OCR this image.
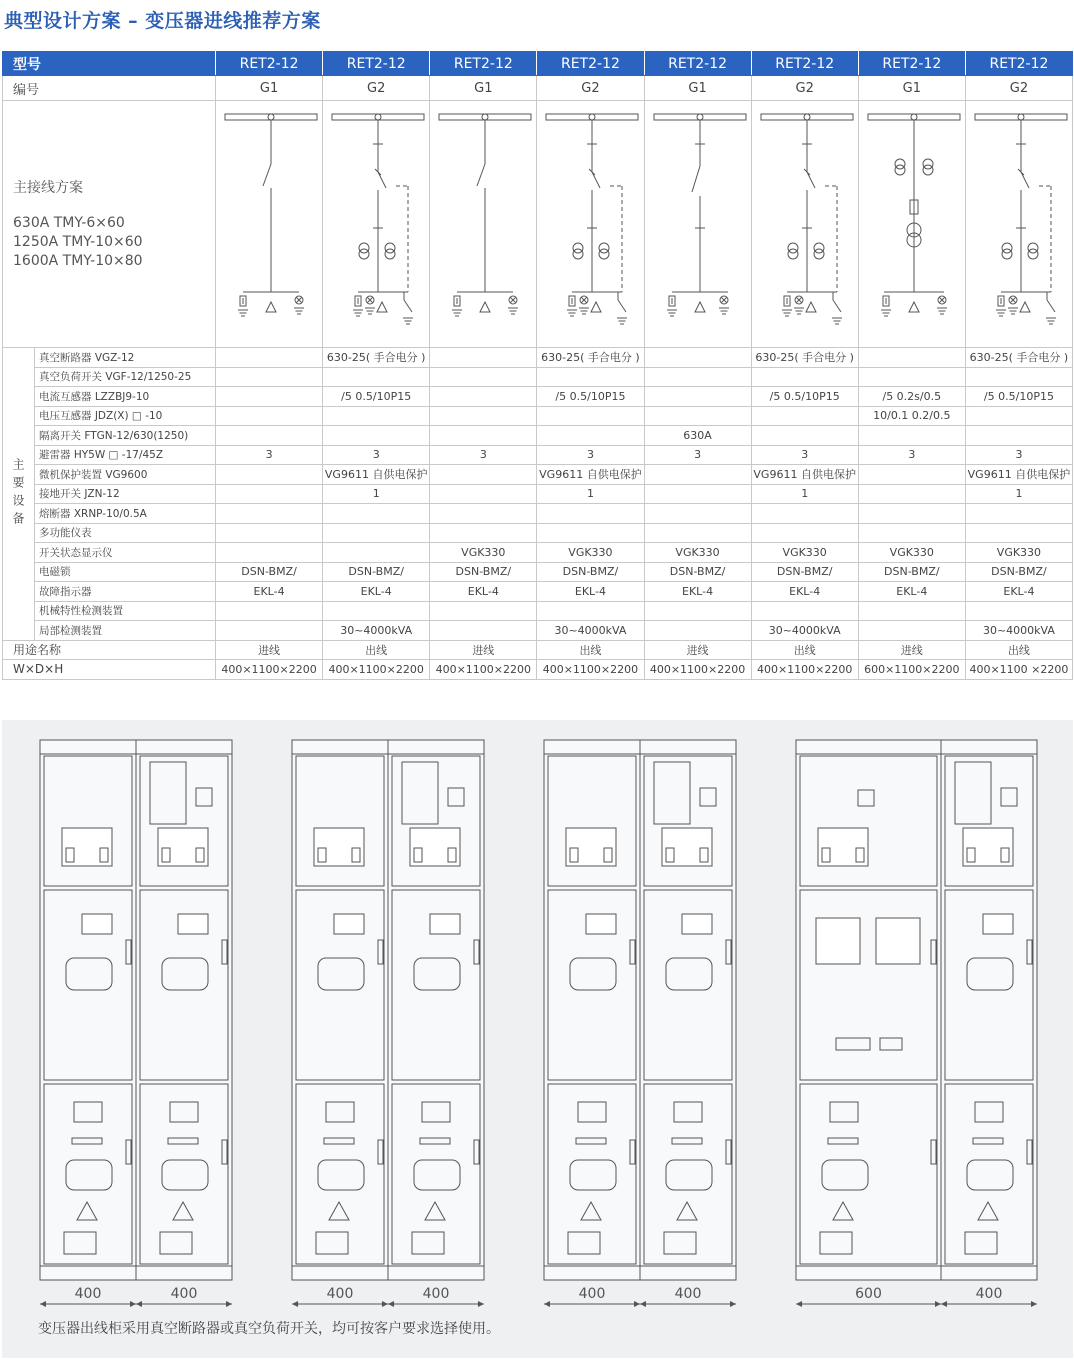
典型设计方案 – 变压器进线推荐方案
型号		RET2-12	RET2-12	RET2-12	RET2-12	RET2-12	RET2-12	RET2-12	RET2-12
编号		G1	G2	G1	G2	G1	G2	G1	G2

主接线方案
630A TMY-6×60
1250A TMY-10×60
1600A TMY-10×80

主要设备	真空断路器 VGZ-12		630-25( 手合电分 )		630-25( 手合电分 )		630-25( 手合电分 )		630-25( 手合电分 )
	真空负荷开关 VGF-12/1250-25								
	电流互感器 LZZBJ9-10		/5 0.5/10P15		/5 0.5/10P15		/5 0.5/10P15	/5 0.2s/0.5	/5 0.5/10P15
	电压互感器 JDZ(X) □ -10							10/0.1 0.2/0.5	
	隔离开关 FTGN-12/630(1250)					630A			
	避雷器 HY5W □ -17/45Z	3	3	3	3	3	3	3	3
	微机保护装置 VG9600		VG9611 自供电保护		VG9611 自供电保护		VG9611 自供电保护		VG9611 自供电保护
	接地开关 JZN-12		1		1		1		1
	熔断器 XRNP-10/0.5A								
	多功能仪表								
	开关状态显示仪			VGK330	VGK330	VGK330	VGK330	VGK330	VGK330
	电磁锁	DSN-BMZ/	DSN-BMZ/	DSN-BMZ/	DSN-BMZ/	DSN-BMZ/	DSN-BMZ/	DSN-BMZ/	DSN-BMZ/
	故障指示器	EKL-4	EKL-4	EKL-4	EKL-4	EKL-4	EKL-4	EKL-4	EKL-4
	机械特性检测装置								
	局部检测装置		30~4000kVA		30~4000kVA		30~4000kVA		30~4000kVA
用途名称		进线	出线	进线	出线	进线	出线	进线	出线
W×D×H		400×1100×2200	400×1100×2200	400×1100×2200	400×1100×2200	400×1100×2200	400×1100×2200	600×1100×2200	400×1100 ×2200
400	400	400	400	400	400	600	400
变压器出线柜采用真空断路器或真空负荷开关，均可按客户要求选择使用。
